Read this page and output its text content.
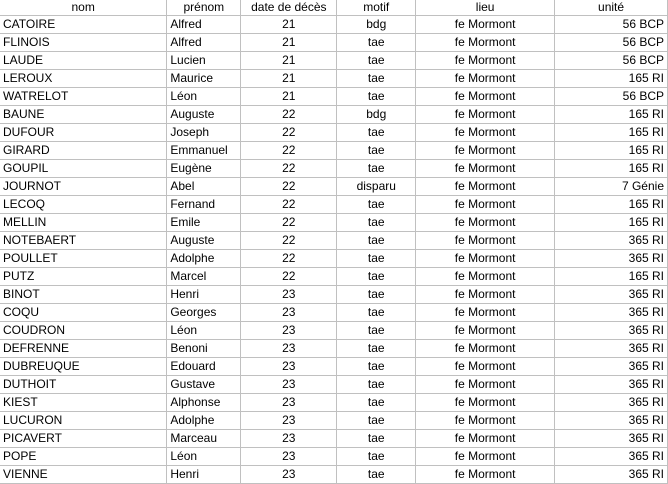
nom	prénom	date de décès	motif	lieu	unité
CATOIRE	Alfred	21	bdg	fe Mormont	56 BCP
FLINOIS	Alfred	21	tae	fe Mormont	56 BCP
LAUDE	Lucien	21	tae	fe Mormont	56 BCP
LEROUX	Maurice	21	tae	fe Mormont	165 RI
WATRELOT	Léon	21	tae	fe Mormont	56 BCP
BAUNE	Auguste	22	bdg	fe Mormont	165 RI
DUFOUR	Joseph	22	tae	fe Mormont	165 RI
GIRARD	Emmanuel	22	tae	fe Mormont	165 RI
GOUPIL	Eugène	22	tae	fe Mormont	165 RI
JOURNOT	Abel	22	disparu	fe Mormont	7 Génie
LECOQ	Fernand	22	tae	fe Mormont	165 RI
MELLIN	Emile	22	tae	fe Mormont	165 RI
NOTEBAERT	Auguste	22	tae	fe Mormont	365 RI
POULLET	Adolphe	22	tae	fe Mormont	365 RI
PUTZ	Marcel	22	tae	fe Mormont	165 RI
BINOT	Henri	23	tae	fe Mormont	365 RI
COQU	Georges	23	tae	fe Mormont	365 RI
COUDRON	Léon	23	tae	fe Mormont	365 RI
DEFRENNE	Benoni	23	tae	fe Mormont	365 RI
DUBREUQUE	Edouard	23	tae	fe Mormont	365 RI
DUTHOIT	Gustave	23	tae	fe Mormont	365 RI
KIEST	Alphonse	23	tae	fe Mormont	365 RI
LUCURON	Adolphe	23	tae	fe Mormont	365 RI
PICAVERT	Marceau	23	tae	fe Mormont	365 RI
POPE	Léon	23	tae	fe Mormont	365 RI
VIENNE	Henri	23	tae	fe Mormont	365 RI
